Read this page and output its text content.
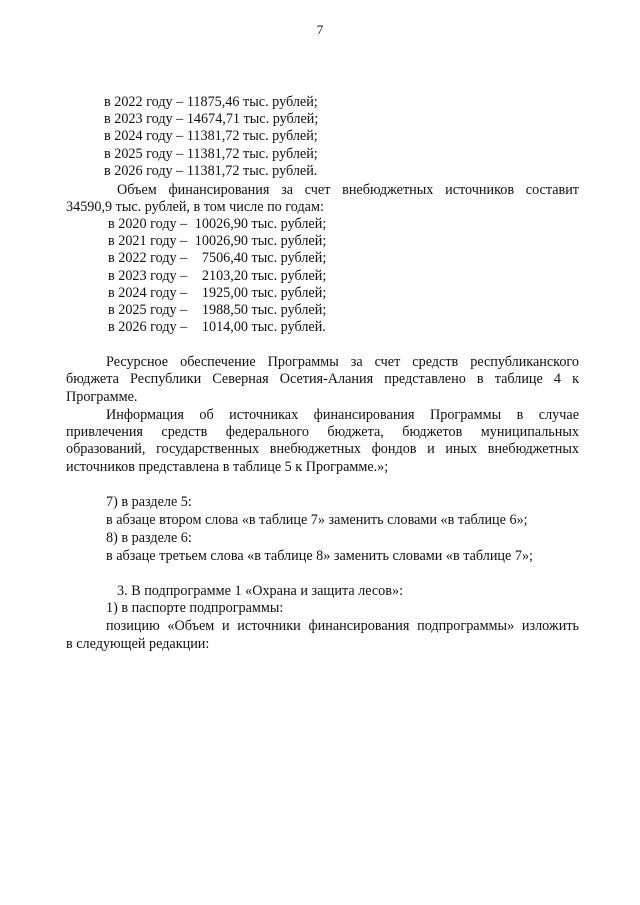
7
в 2022 году – 11875,46 тыс. рублей;
в 2023 году – 14674,71 тыс. рублей;
в 2024 году – 11381,72 тыс. рублей;
в 2025 году – 11381,72 тыс. рублей;
в 2026 году – 11381,72 тыс. рублей.
Объем финансирования за счет внебюджетных источников составит
34590,9 тыс. рублей, в том числе по годам:
в 2020 году – 10026,90 тыс. рублей;
в 2021 году – 10026,90 тыс. рублей;
в 2022 году – 7506,40 тыс. рублей;
в 2023 году – 2103,20 тыс. рублей;
в 2024 году – 1925,00 тыс. рублей;
в 2025 году – 1988,50 тыс. рублей;
в 2026 году – 1014,00 тыс. рублей.
Ресурсное обеспечение Программы за счет средств республиканского
бюджета Республики Северная Осетия-Алания представлено в таблице 4 к
Программе.
Информация об источниках финансирования Программы в случае
привлечения средств федерального бюджета, бюджетов муниципальных
образований, государственных внебюджетных фондов и иных внебюджетных
источников представлена в таблице 5 к Программе.»;
7) в разделе 5:
в абзаце втором слова «в таблице 7» заменить словами «в таблице 6»;
8) в разделе 6:
в абзаце третьем слова «в таблице 8» заменить словами «в таблице 7»;
3. В подпрограмме 1 «Охрана и защита лесов»:
1) в паспорте подпрограммы:
позицию «Объем и источники финансирования подпрограммы» изложить
в следующей редакции:
